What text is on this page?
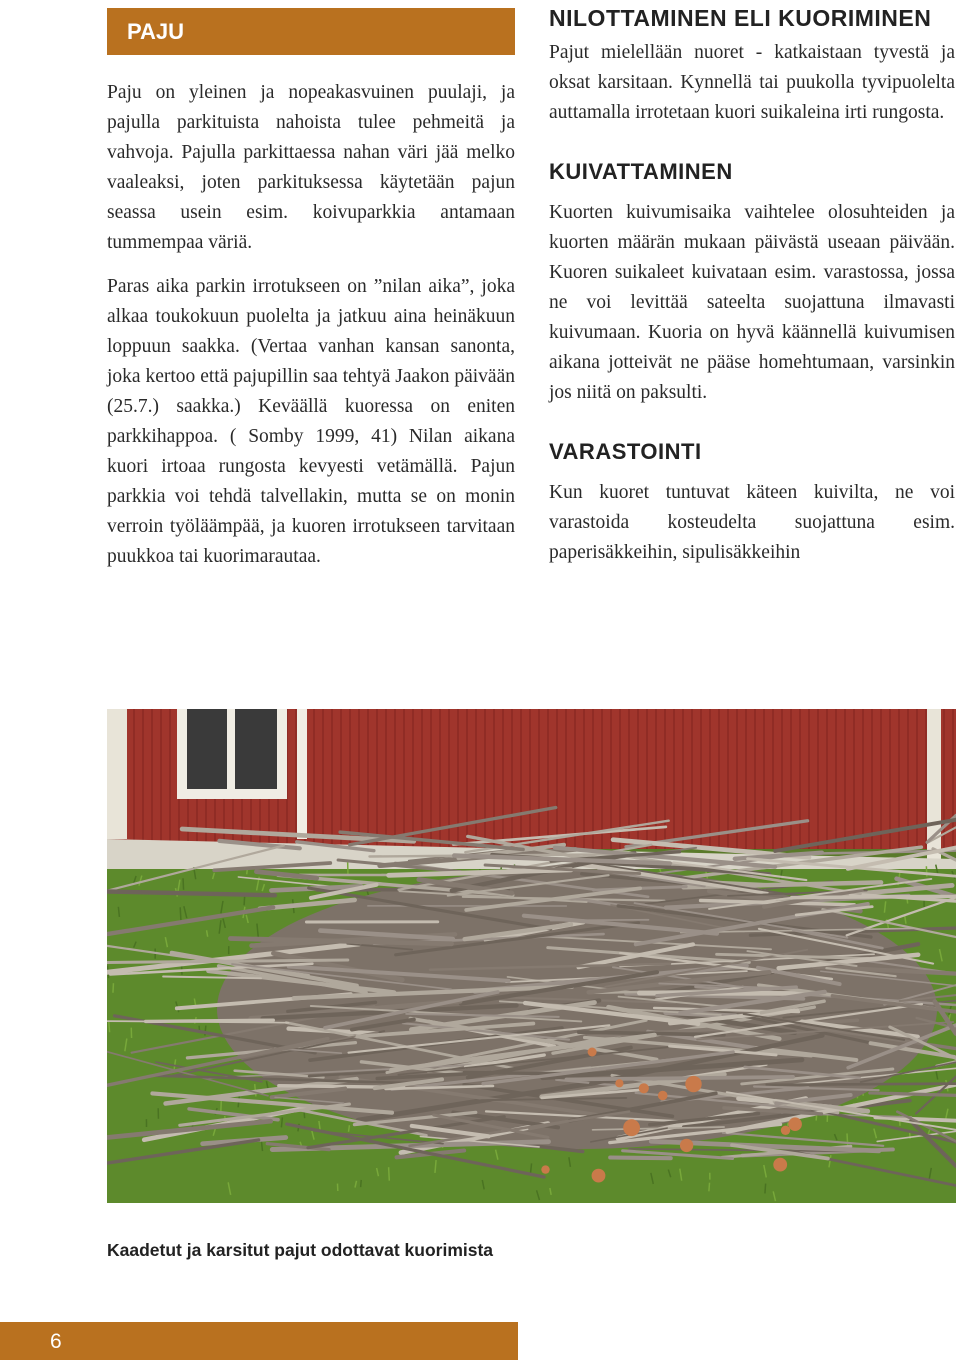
PAJU

Paju on yleinen ja nopeakasvuinen puulaji, ja pajulla parkituista nahoista tulee pehmeitä ja vahvoja. Pajulla parkittaessa nahan väri jää melko vaaleaksi, joten parkituksessa käytetään pajun seassa usein esim. koivuparkkia antamaan tummempaa väriä.

Paras aika parkin irrotukseen on ”nilan aika”, joka alkaa toukokuun puolelta ja jatkuu aina heinäkuun loppuun saakka. (Vertaa vanhan kansan sanonta, joka kertoo että pajupillin saa tehtyä Jaakon päivään (25.7.) saakka.) Keväällä kuoressa on eniten parkkihappoa. ( Somby 1999, 41) Nilan aikana kuori irtoaa rungosta kevyesti vetämällä. Pajun parkkia voi tehdä talvellakin, mutta se on monin verroin työläämpää, ja kuoren irrotukseen tarvitaan puukkoa tai kuorimarautaa.

NILOTTAMINEN ELI KUORIMINEN

Pajut mielellään nuoret - katkaistaan tyvestä ja oksat karsitaan. Kynnellä tai puukolla tyvipuolelta auttamalla irrotetaan kuori suikaleina irti rungosta.

KUIVATTAMINEN

Kuorten kuivumisaika vaihtelee olosuhteiden ja kuorten määrän mukaan päivästä useaan päivään. Kuoren suikaleet kuivataan esim. varastossa, jossa ne voi levittää sateelta suojattuna ilmavasti kuivumaan. Kuoria on hyvä käännellä kuivumisen aikana jotteivät ne pääse homehtumaan, varsinkin jos niitä on paksulti.

VARASTOINTI

Kun kuoret tuntuvat käteen kuivilta, ne voi varastoida kosteudelta suojattuna esim. paperisäkkeihin, sipulisäkkeihin

Kaadetut ja karsitut pajut odottavat kuorimista
6
